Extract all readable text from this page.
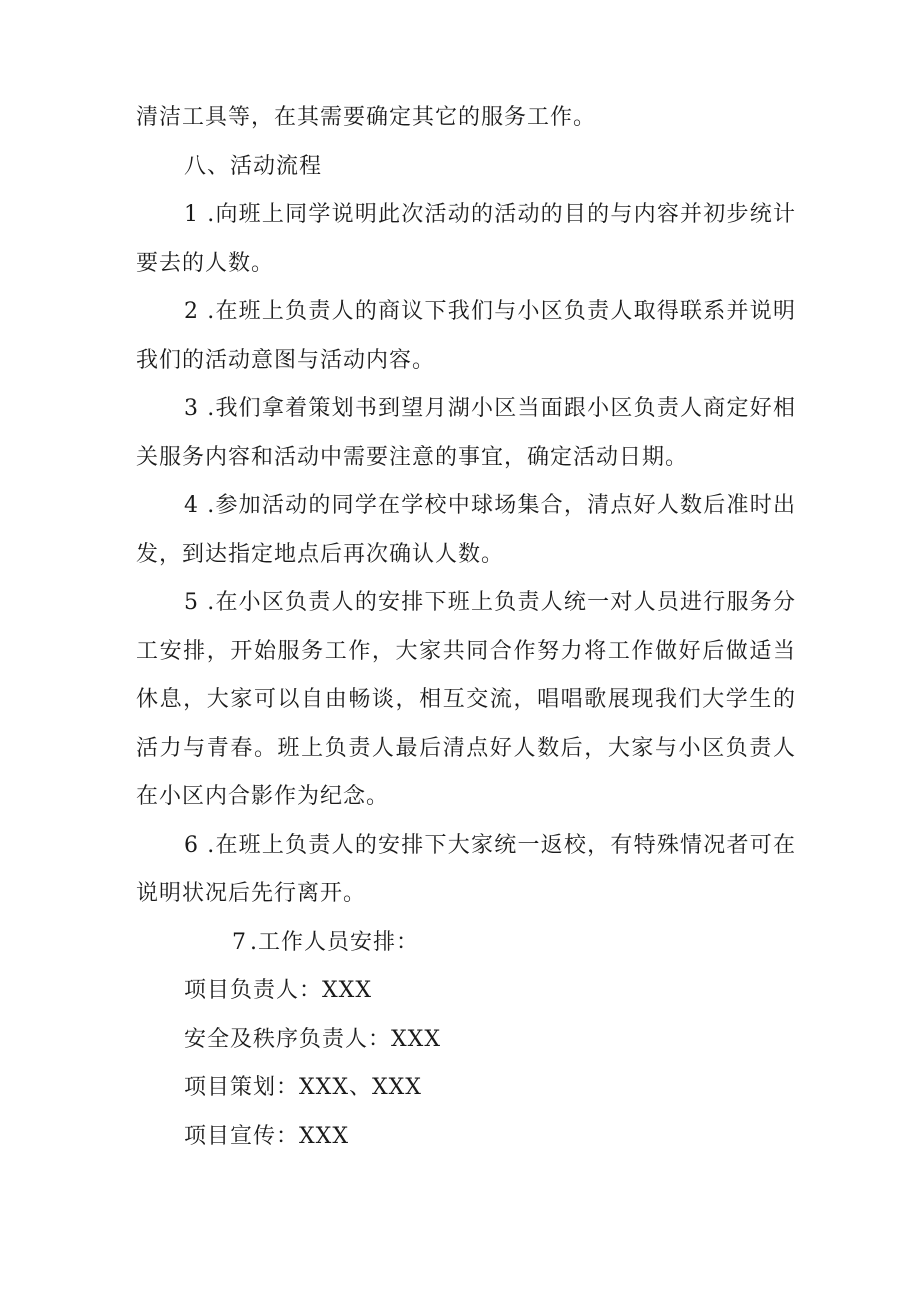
清洁工具等，在其需要确定其它的服务工作。

八、活动流程

1 .向班上同学说明此次活动的活动的目的与内容并初步统计要去的人数。

2 .在班上负责人的商议下我们与小区负责人取得联系并说明我们的活动意图与活动内容。

3 .我们拿着策划书到望月湖小区当面跟小区负责人商定好相关服务内容和活动中需要注意的事宜，确定活动日期。

4 .参加活动的同学在学校中球场集合，清点好人数后准时出发，到达指定地点后再次确认人数。

5 .在小区负责人的安排下班上负责人统一对人员进行服务分工安排，开始服务工作，大家共同合作努力将工作做好后做适当休息，大家可以自由畅谈，相互交流，唱唱歌展现我们大学生的活力与青春。班上负责人最后清点好人数后，大家与小区负责人在小区内合影作为纪念。

6 .在班上负责人的安排下大家统一返校，有特殊情况者可在说明状况后先行离开。

7 .工作人员安排：

项目负责人：XXX

安全及秩序负责人：XXX

项目策划：XXX、XXX

项目宣传：XXX
